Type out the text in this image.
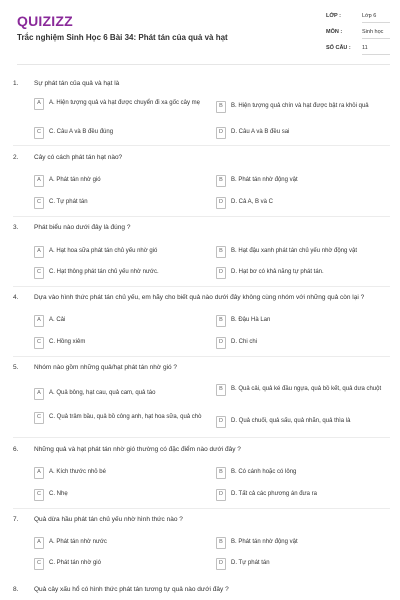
QUIZIZZ
Trắc nghiệm Sinh Học 6 Bài 34: Phát tán của quả và hạt
LỚP :	Lớp 6
MÔN :	Sinh học
SỐ CÂU : 11
1. Sự phát tán của quả và hạt là
A	A. Hiện tượng quả và hạt được chuyển đi xa gốc cây mẹ
B	B. Hiện tượng quả chín và hạt được bật ra khỏi quả
C	C. Câu A và B đều đúng	D	D. Câu A và B đều sai
2. Cây có cách phát tán hạt nào?
A	A. Phát tán nhờ gió	B	B. Phát tán nhờ động vật
C	C. Tự phát tán	D	D. Cả A, B và C
3. Phát biểu nào dưới đây là đúng ?
A	A. Hạt hoa sữa phát tán chủ yếu nhờ gió	B	B. Hạt đậu xanh phát tán chủ yếu nhờ động vật
C	C. Hạt thông phát tán chủ yếu nhờ nước.	D	D. Hạt bơ có khả năng tự phát tán.
4. Dựa vào hình thức phát tán chủ yếu, em hãy cho biết quả nào dưới đây không cùng nhóm với những quả còn lại ?
A	A. Cải	B	B. Đậu Hà Lan
C	C. Hồng xiêm	D	D. Chi chi
5. Nhóm nào gồm những quả/hạt phát tán nhờ gió ?
A	A. Quả bông, hạt cau, quả cam, quả táo
B	B. Quả cải, quả ké đầu ngựa, quả bồ kết, quả dưa chuột
C	C. Quả trâm bầu, quả bồ công anh, hạt hoa sữa, quả chò
D	D. Quả chuối, quả sấu, quả nhãn, quả thìa là
6. Những quả và hạt phát tán nhờ gió thường có đặc điểm nào dưới đây ?
A	A. Kích thước nhỏ bé	B	B. Có cánh hoặc có lông
C	C. Nhẹ	D	D. Tất cả các phương án đưa ra
7. Quả dừa hầu phát tán chủ yếu nhờ hình thức nào ?
A	A. Phát tán nhờ nước	B	B. Phát tán nhờ động vật
C	C. Phát tán nhờ gió	D	D. Tự phát tán
8. Quả cây xấu hổ có hình thức phát tán tương tự quả nào dưới đây ?
